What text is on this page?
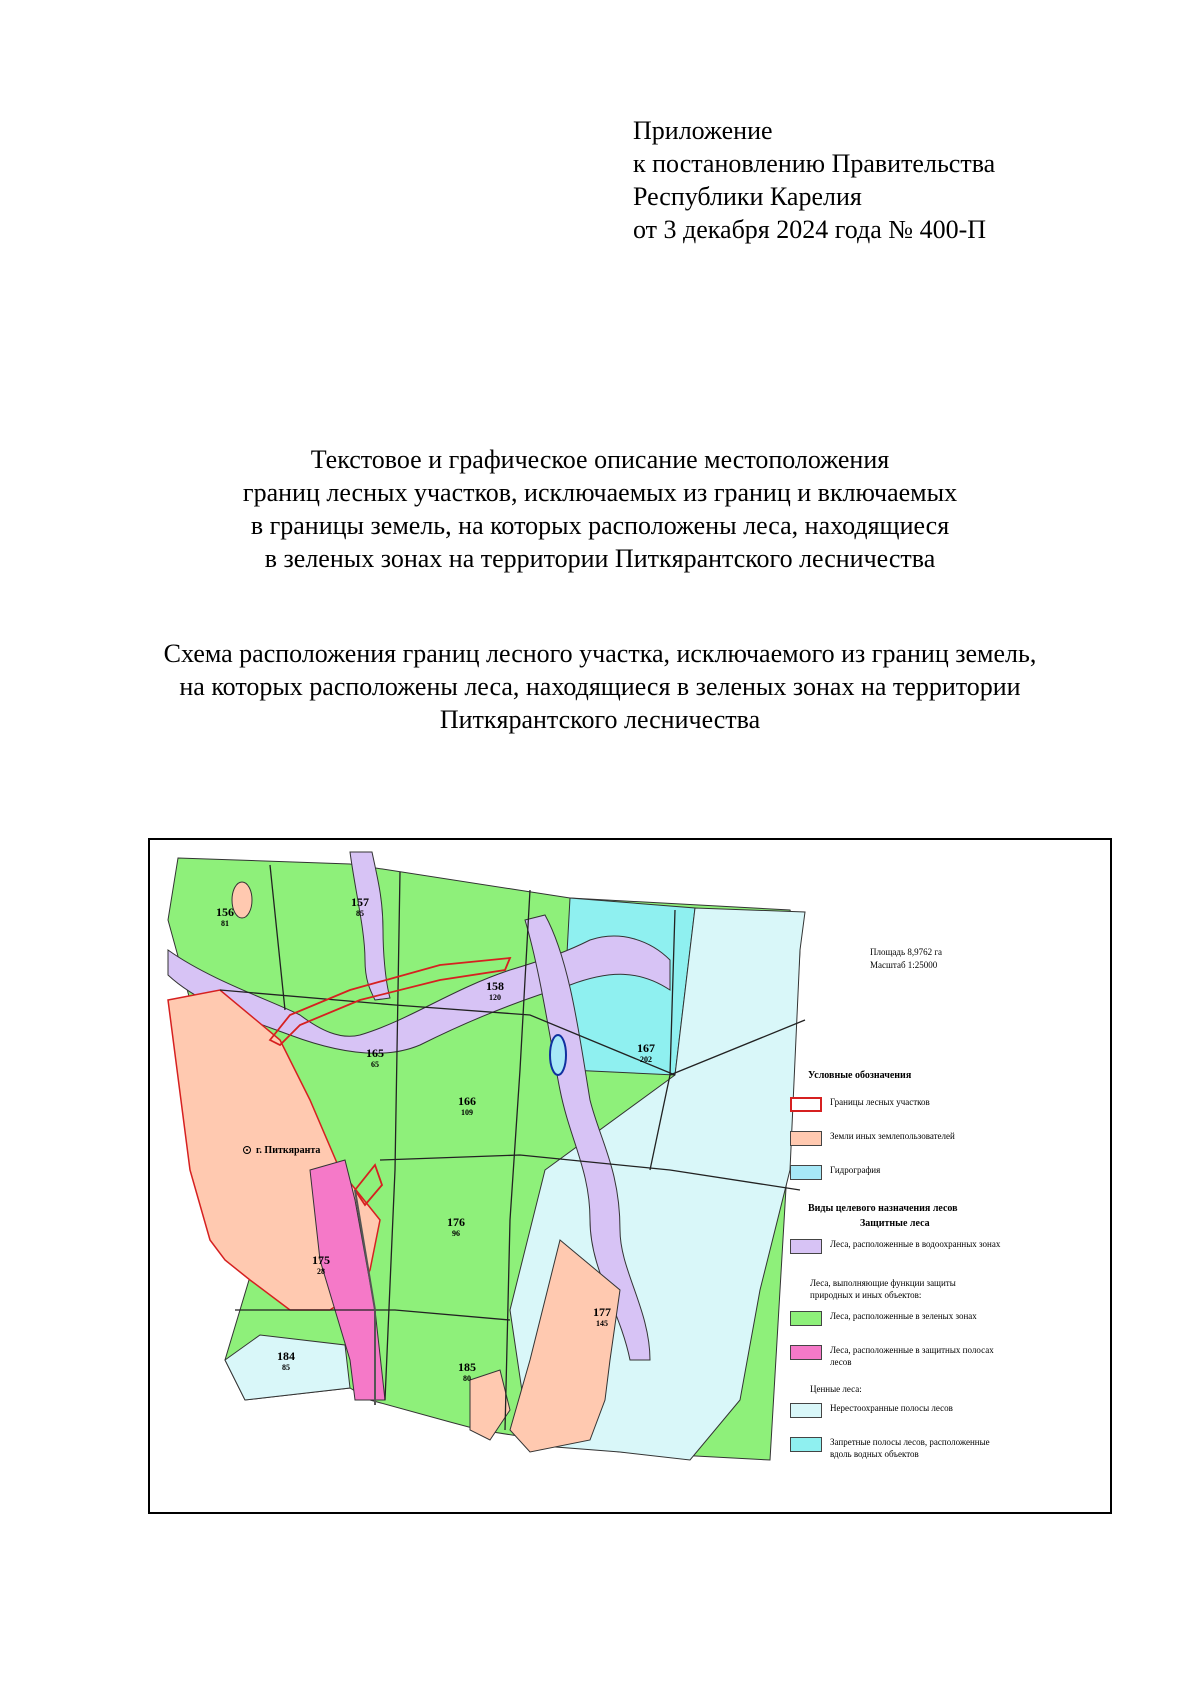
Приложение
к постановлению Правительства
Республики Карелия
от 3 декабря 2024 года № 400-П
Текстовое и графическое описание местоположения
границ лесных участков, исключаемых из границ и включаемых
в границы земель, на которых расположены леса, находящиеся
в зеленых зонах на территории Питкярантского лесничества
Схема расположения границ лесного участка, исключаемого из границ земель,
на которых расположены леса, находящиеся в зеленых зонах на территории
Питкярантского лесничества
г. Питкяранта
156
81
157
85
158
120
165
65
166
109
167
202
175
28
176
96
177
145
184
85	185
80
Площадь 8,9762 га
Масштаб 1:25000
Условные обозначения
Границы лесных участков
Земли иных землепользователей
Гидрография
Виды целевого назначения лесов
Защитные леса
Леса, расположенные в водоохранных зонах
Леса, выполняющие функции защиты природных и иных объектов:
Леса, расположенные в зеленых зонах
Леса, расположенные в защитных полосах лесов
Ценные леса:
Нерестоохранные полосы лесов
Запретные полосы лесов, расположенные вдоль водных объектов
